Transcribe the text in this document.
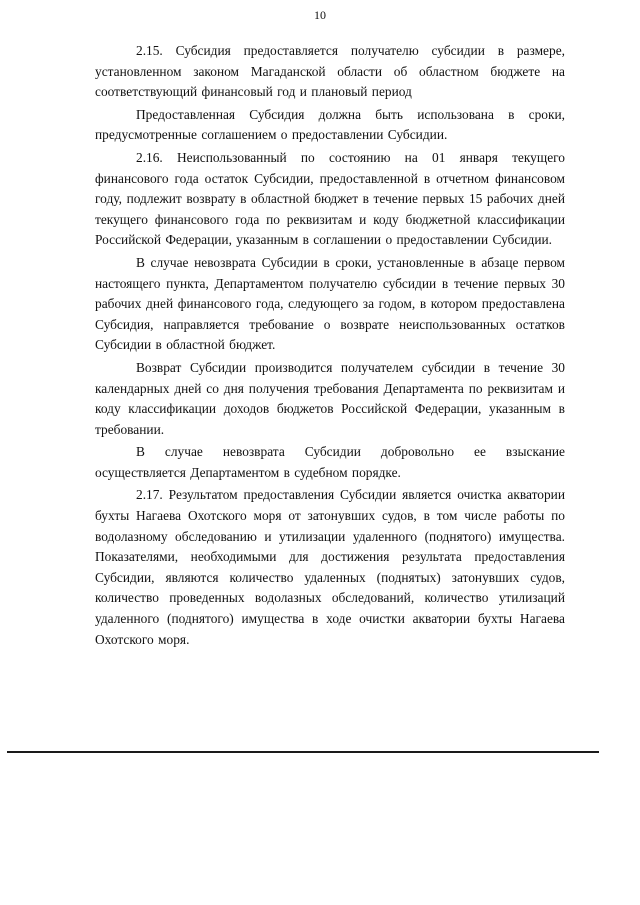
10

2.15. Субсидия предоставляется получателю субсидии в размере, установленном законом Магаданской области об областном бюджете на соответствующий финансовый год и плановый период

Предоставленная Субсидия должна быть использована в сроки, предусмотренные соглашением о предоставлении Субсидии.

2.16. Неиспользованный по состоянию на 01 января текущего финансового года остаток Субсидии, предоставленной в отчетном финансовом году, подлежит возврату в областной бюджет в течение первых 15 рабочих дней текущего финансового года по реквизитам и коду бюджетной классификации Российской Федерации, указанным в соглашении о предоставлении Субсидии.

В случае невозврата Субсидии в сроки, установленные в абзаце первом настоящего пункта, Департаментом получателю субсидии в течение первых 30 рабочих дней финансового года, следующего за годом, в котором предоставлена Субсидия, направляется требование о возврате неиспользованных остатков Субсидии в областной бюджет.

Возврат Субсидии производится получателем субсидии в течение 30 календарных дней со дня получения требования Департамента по реквизитам и коду классификации доходов бюджетов Российской Федерации, указанным в требовании.

В случае невозврата Субсидии добровольно ее взыскание осуществляется Департаментом в судебном порядке.

2.17. Результатом предоставления Субсидии является очистка акватории бухты Нагаева Охотского моря от затонувших судов, в том числе работы по водолазному обследованию и утилизации удаленного (поднятого) имущества. Показателями, необходимыми для достижения результата предоставления Субсидии, являются количество удаленных (поднятых) затонувших судов, количество проведенных водолазных обследований, количество утилизаций удаленного (поднятого) имущества в ходе очистки акватории бухты Нагаева Охотского моря.
